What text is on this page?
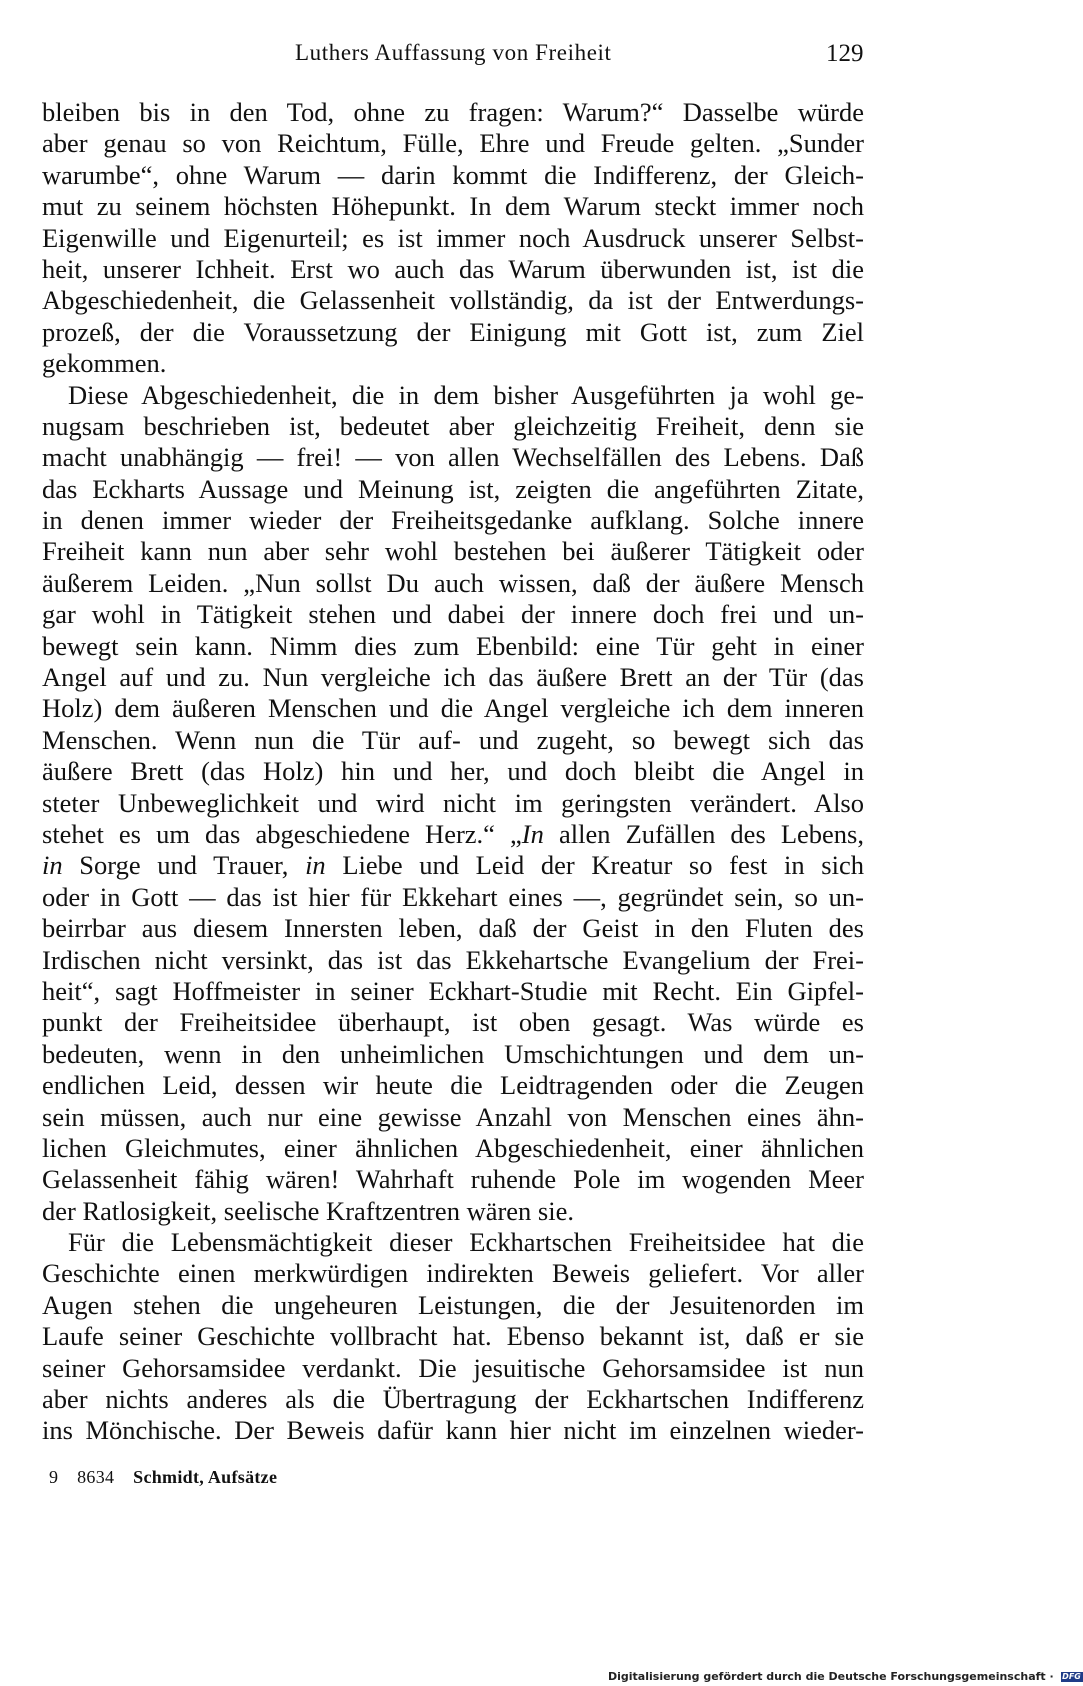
Luthers Auffassung von Freiheit	129
bleiben bis in den Tod, ohne zu fragen: Warum?“ Dasselbe würde
aber genau so von Reichtum, Fülle, Ehre und Freude gelten. „Sunder
warumbe“, ohne Warum — darin kommt die Indifferenz, der Gleich-
mut zu seinem höchsten Höhepunkt. In dem Warum steckt immer noch
Eigenwille und Eigenurteil; es ist immer noch Ausdruck unserer Selbst-
heit, unserer Ichheit. Erst wo auch das Warum überwunden ist, ist die
Abgeschiedenheit, die Gelassenheit vollständig, da ist der Entwerdungs-
prozeß, der die Voraussetzung der Einigung mit Gott ist, zum Ziel
gekommen.
Diese Abgeschiedenheit, die in dem bisher Ausgeführten ja wohl ge-
nugsam beschrieben ist, bedeutet aber gleichzeitig Freiheit, denn sie
macht unabhängig — frei! — von allen Wechselfällen des Lebens. Daß
das Eckharts Aussage und Meinung ist, zeigten die angeführten Zitate,
in denen immer wieder der Freiheitsgedanke aufklang. Solche innere
Freiheit kann nun aber sehr wohl bestehen bei äußerer Tätigkeit oder
äußerem Leiden. „Nun sollst Du auch wissen, daß der äußere Mensch
gar wohl in Tätigkeit stehen und dabei der innere doch frei und un-
bewegt sein kann. Nimm dies zum Ebenbild: eine Tür geht in einer
Angel auf und zu. Nun vergleiche ich das äußere Brett an der Tür (das
Holz) dem äußeren Menschen und die Angel vergleiche ich dem inneren
Menschen. Wenn nun die Tür auf- und zugeht, so bewegt sich das
äußere Brett (das Holz) hin und her, und doch bleibt die Angel in
steter Unbeweglichkeit und wird nicht im geringsten verändert. Also
stehet es um das abgeschiedene Herz.“ „In allen Zufällen des Lebens,
in Sorge und Trauer, in Liebe und Leid der Kreatur so fest in sich
oder in Gott — das ist hier für Ekkehart eines —, gegründet sein, so un-
beirrbar aus diesem Innersten leben, daß der Geist in den Fluten des
Irdischen nicht versinkt, das ist das Ekkehartsche Evangelium der Frei-
heit“, sagt Hoffmeister in seiner Eckhart-Studie mit Recht. Ein Gipfel-
punkt der Freiheitsidee überhaupt, ist oben gesagt. Was würde es
bedeuten, wenn in den unheimlichen Umschichtungen und dem un-
endlichen Leid, dessen wir heute die Leidtragenden oder die Zeugen
sein müssen, auch nur eine gewisse Anzahl von Menschen eines ähn-
lichen Gleichmutes, einer ähnlichen Abgeschiedenheit, einer ähnlichen
Gelassenheit fähig wären! Wahrhaft ruhende Pole im wogenden Meer
der Ratlosigkeit, seelische Kraftzentren wären sie.
Für die Lebensmächtigkeit dieser Eckhartschen Freiheitsidee hat die
Geschichte einen merkwürdigen indirekten Beweis geliefert. Vor aller
Augen stehen die ungeheuren Leistungen, die der Jesuitenorden im
Laufe seiner Geschichte vollbracht hat. Ebenso bekannt ist, daß er sie
seiner Gehorsamsidee verdankt. Die jesuitische Gehorsamsidee ist nun
aber nichts anderes als die Übertragung der Eckhartschen Indifferenz
ins Mönchische. Der Beweis dafür kann hier nicht im einzelnen wieder-
9 8634 Schmidt, Aufsätze
Digitalisierung gefördert durch die Deutsche Forschungsgemeinschaft · DFG
